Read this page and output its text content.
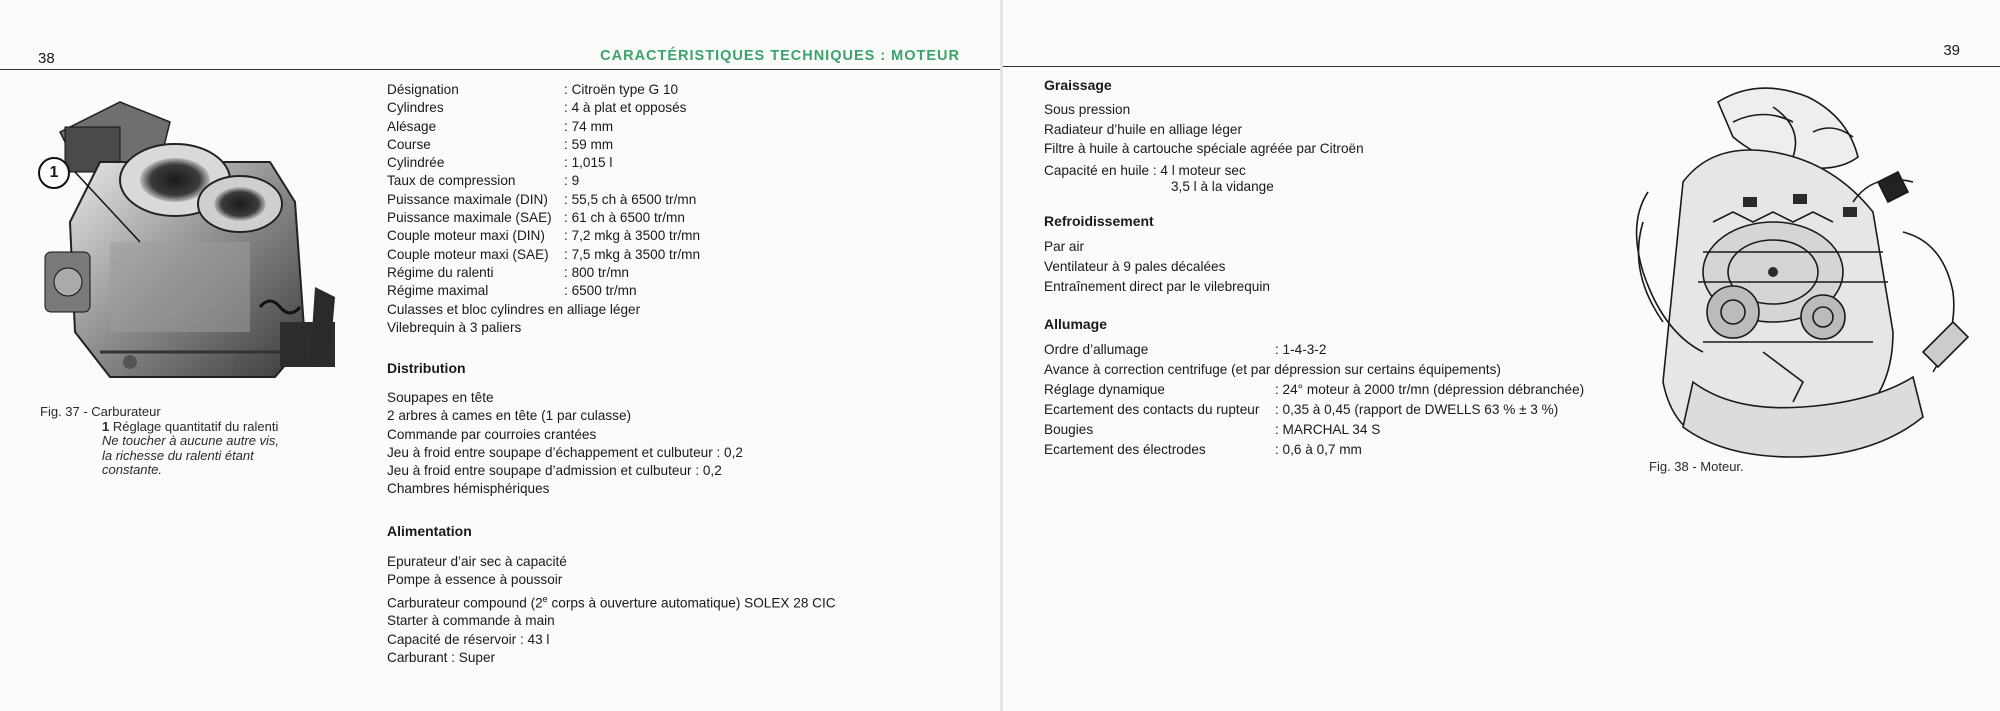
38	CARACTÉRISTIQUES TECHNIQUES : MOTEUR
1
Fig. 37 - Carburateur
1 Réglage quantitatif du ralenti
Ne toucher à aucune autre vis,
la richesse du ralenti étant
constante.
Désignation	: Citroën type G 10
Cylindres	: 4 à plat et opposés
Alésage	: 74 mm
Course	: 59 mm
Cylindrée	: 1,015 l
Taux de compression	: 9
Puissance maximale (DIN) : 55,5 ch à 6500 tr/mn
Puissance maximale (SAE) : 61 ch à 6500 tr/mn
Couple moteur maxi (DIN) : 7,2 mkg à 3500 tr/mn
Couple moteur maxi (SAE) : 7,5 mkg à 3500 tr/mn
Régime du ralenti	: 800 tr/mn
Régime maximal	: 6500 tr/mn
Culasses et bloc cylindres en alliage léger
Vilebrequin à 3 paliers
Distribution
Soupapes en tête
2 arbres à cames en tête (1 par culasse)
Commande par courroies crantées
Jeu à froid entre soupape d’échappement et culbuteur : 0,2
Jeu à froid entre soupape d’admission et culbuteur : 0,2
Chambres hémisphériques
Alimentation
Epurateur d’air sec à capacité
Pompe à essence à poussoir
Carburateur compound (2e corps à ouverture automatique) SOLEX 28 CIC
Starter à commande à main
Capacité de réservoir : 43 l
Carburant : Super
39
Graissage
Sous pression
Radiateur d’huile en alliage léger
Filtre à huile à cartouche spéciale agréée par Citroën
Capacité en huile : 4 l moteur sec
3,5 l à la vidange
Refroidissement
Par air
Ventilateur à 9 pales décalées
Entraînement direct par le vilebrequin
Allumage
Ordre d’allumage	: 1-4-3-2
Avance à correction centrifuge (et par dépression sur certains équipements)
Réglage dynamique	: 24° moteur à 2000 tr/mn (dépression débranchée)
Ecartement des contacts du rupteur : 0,35 à 0,45 (rapport de DWELLS 63 % ± 3 %)
Bougies	: MARCHAL 34 S
Ecartement des électrodes	: 0,6 à 0,7 mm
Fig. 38 - Moteur.
